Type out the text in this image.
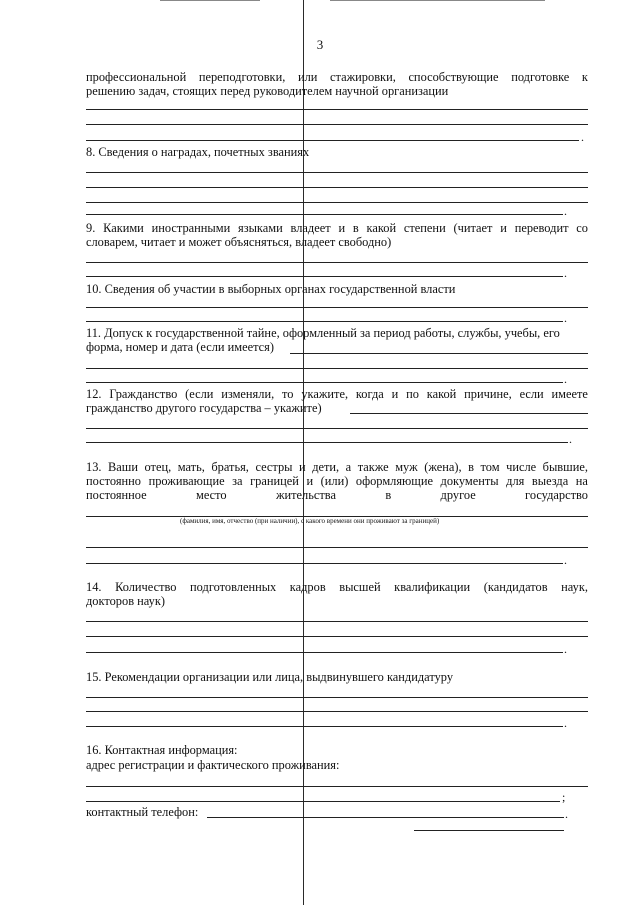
3
профессиональной переподготовки, или стажировки, способствующие подготовке к
решению задач, стоящих перед руководителем научной организации
.
8. Сведения о наградах, почетных званиях
.
9. Какими иностранными языками владеет и в какой степени (читает и переводит со
словарем, читает и может объясняться, владеет свободно)
.
10. Сведения об участии в выборных органах государственной власти
.
11. Допуск к государственной тайне, оформленный за период работы, службы, учебы, его
форма, номер и дата (если имеется)
.
12. Гражданство (если изменяли, то укажите, когда и по какой причине, если имеете
гражданство другого государства – укажите)
.
13. Ваши отец, мать, братья, сестры и дети, а также муж (жена), в том числе бывшие,
постоянно проживающие за границей и (или) оформляющие документы для выезда на
постоянное	место	жительства	в	другое	государство
(фамилия, имя, отчество (при наличии), с какого времени они проживают за границей)
.
14. Количество подготовленных кадров высшей квалификации (кандидатов наук,
докторов наук)
.
15. Рекомендации организации или лица, выдвинувшего кандидатуру
.
16. Контактная информация:
адрес регистрации и фактического проживания:
;
контактный телефон:	.
